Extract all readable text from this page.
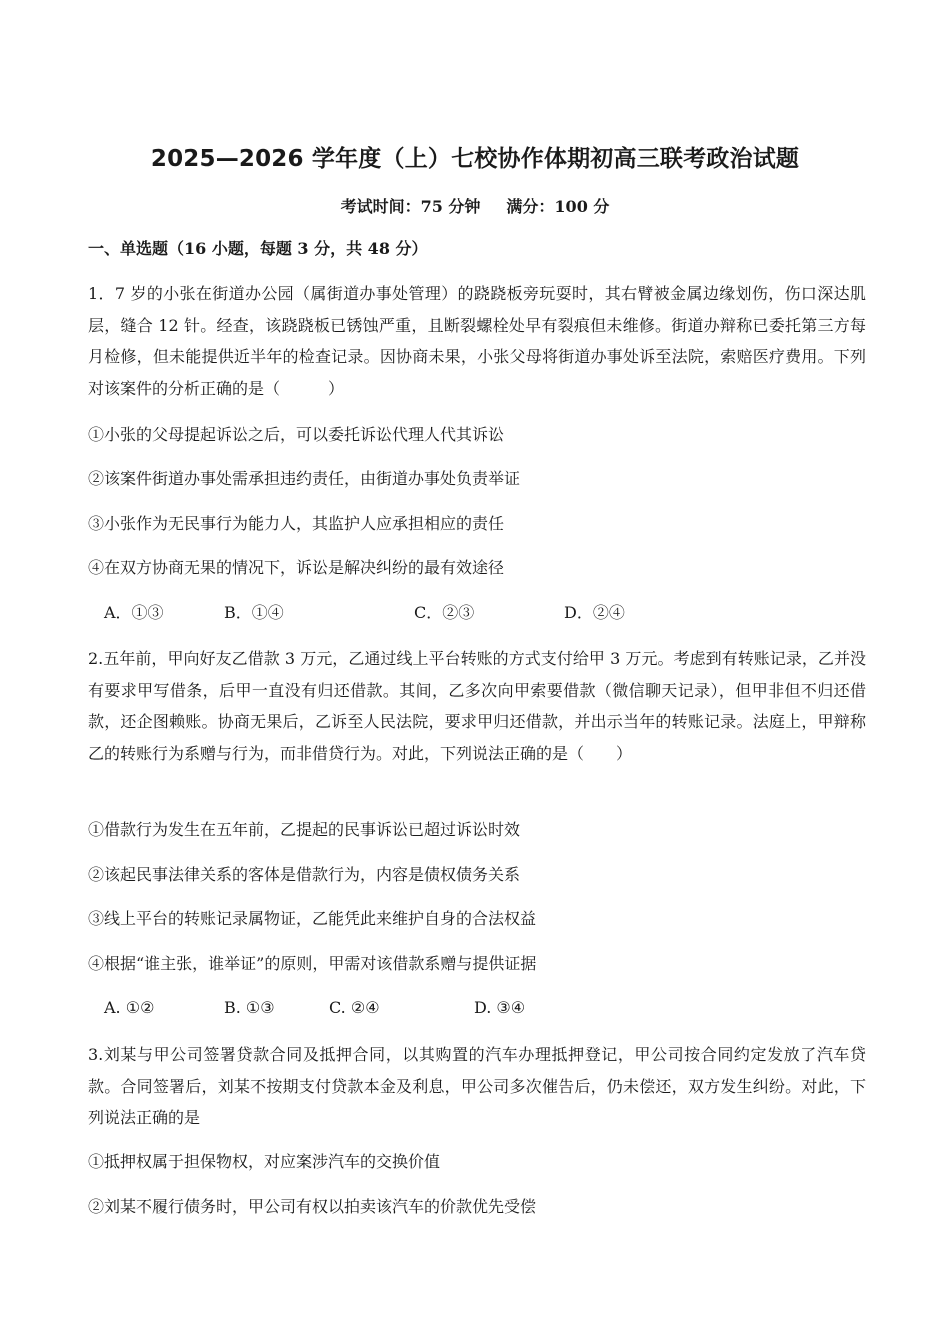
2025—2026 学年度（上）七校协作体期初高三联考政治试题
考试时间：75 分钟 满分：100 分
一、单选题（16 小题，每题 3 分，共 48 分）
1．7 岁的小张在街道办公园（属街道办事处管理）的跷跷板旁玩耍时，其右臂被金属边缘划伤，伤口深达肌层，缝合 12 针。经查，该跷跷板已锈蚀严重，且断裂螺栓处早有裂痕但未维修。街道办辩称已委托第三方每月检修，但未能提供近半年的检查记录。因协商未果，小张父母将街道办事处诉至法院，索赔医疗费用。下列对该案件的分析正确的是（　　　）
①小张的父母提起诉讼之后，可以委托诉讼代理人代其诉讼
②该案件街道办事处需承担违约责任，由街道办事处负责举证
③小张作为无民事行为能力人，其监护人应承担相应的责任
④在双方协商无果的情况下，诉讼是解决纠纷的最有效途径
A．①③	B．①④	C．②③	D．②④
2.五年前，甲向好友乙借款 3 万元，乙通过线上平台转账的方式支付给甲 3 万元。考虑到有转账记录，乙并没有要求甲写借条，后甲一直没有归还借款。其间，乙多次向甲索要借款（微信聊天记录），但甲非但不归还借款，还企图赖账。协商无果后，乙诉至人民法院，要求甲归还借款，并出示当年的转账记录。法庭上，甲辩称乙的转账行为系赠与行为，而非借贷行为。对此，下列说法正确的是（　　）
①借款行为发生在五年前，乙提起的民事诉讼已超过诉讼时效
②该起民事法律关系的客体是借款行为，内容是债权债务关系
③线上平台的转账记录属物证，乙能凭此来维护自身的合法权益
④根据“谁主张，谁举证”的原则，甲需对该借款系赠与提供证据
A. ①②	B. ①③	C. ②④	D. ③④
3.刘某与甲公司签署贷款合同及抵押合同，以其购置的汽车办理抵押登记，甲公司按合同约定发放了汽车贷款。合同签署后，刘某不按期支付贷款本金及利息，甲公司多次催告后，仍未偿还，双方发生纠纷。对此，下列说法正确的是
①抵押权属于担保物权，对应案涉汽车的交换价值
②刘某不履行债务时，甲公司有权以拍卖该汽车的价款优先受偿
